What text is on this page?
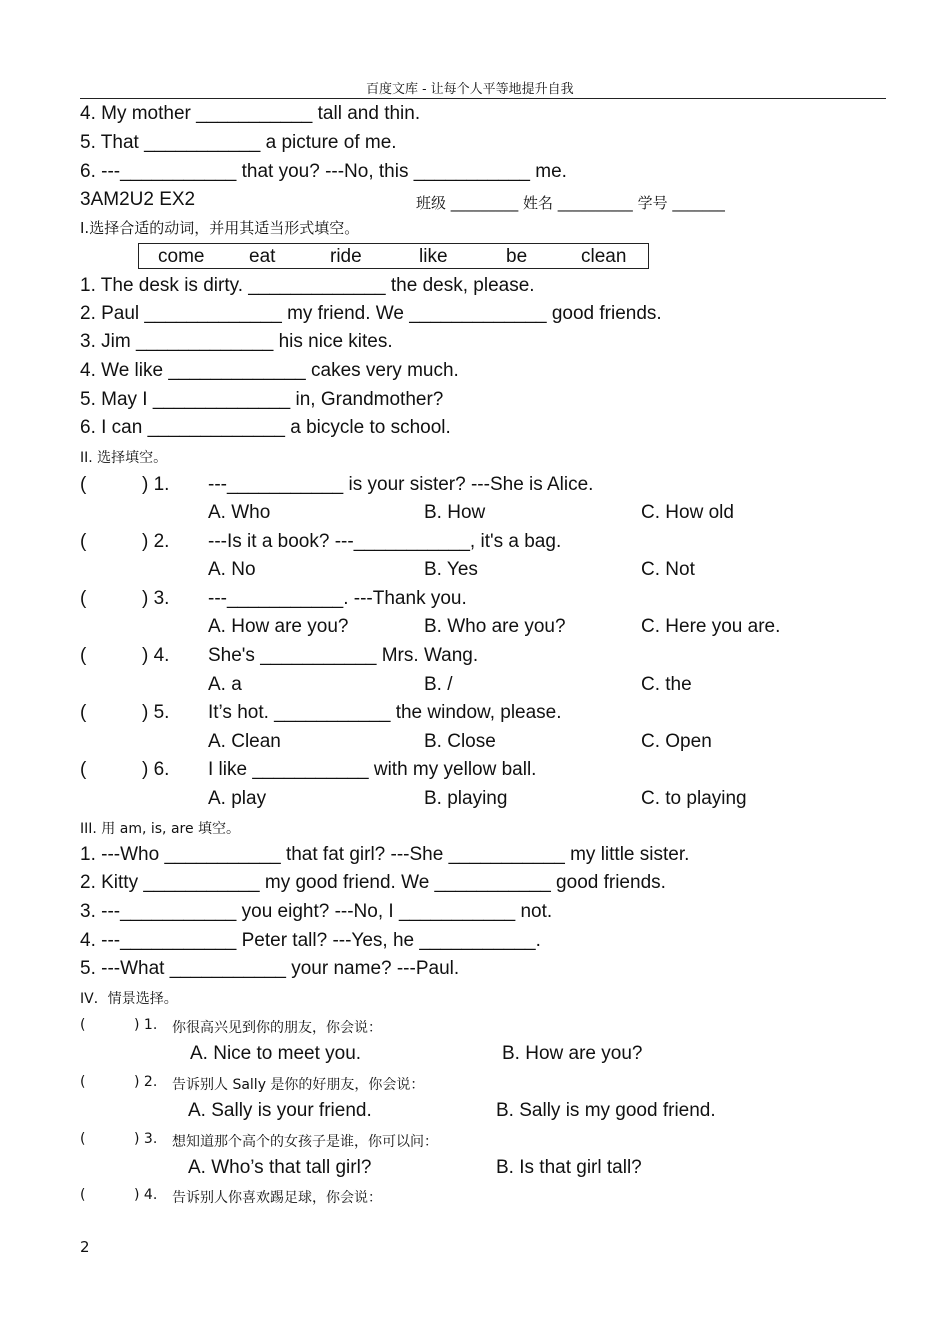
百度文库 - 让每个人平等地提升自我
4. My mother ___________ tall and thin.
5. That ___________ a picture of me.
6. ---___________ that you? ---No, this ___________ me.
3AM2U2 EX2	班级 _________ 姓名 __________ 学号 _______
Ⅰ.选择合适的动词，并用其适当形式填空。
come eat	ride	like	be	clean
1. The desk is dirty. _____________ the desk, please.
2. Paul _____________ my friend. We _____________ good friends.
3. Jim _____________ his nice kites.
4. We like _____________ cakes very much.
5. May I _____________ in, Grandmother?
6. I can _____________ a bicycle to school.
II. 选择填空。
(	) 1. ---___________ is your sister? ---She is Alice.
A. Who	B. How	C. How old
(	) 2. ---Is it a book? ---___________, it's a bag.
A. No	B. Yes	C. Not
(	) 3. ---___________. ---Thank you.
A. How are you?	B. Who are you?	C. Here you are.
(	) 4. She's ___________ Mrs. Wang.
A. a	B. /	C. the
(	) 5. It’s hot. ___________ the window, please.
A. Clean	B. Close	C. Open
(	) 6. I like ___________ with my yellow ball.
A. play	B. playing	C. to playing
III. 用 am, is, are 填空。
1. ---Who ___________ that fat girl? ---She ___________ my little sister.
2. Kitty ___________ my good friend. We ___________ good friends.
3. ---___________ you eight? ---No, I ___________ not.
4. ---___________ Peter tall? ---Yes, he ___________.
5. ---What ___________ your name? ---Paul.
IV．情景选择。
(	) 1. 你很高兴见到你的朋友，你会说：
A. Nice to meet you.	B. How are you?
(	) 2. 告诉别人 Sally 是你的好朋友，你会说：
A. Sally is your friend.	B. Sally is my good friend.
(	) 3. 想知道那个高个的女孩子是谁，你可以问：
A. Who’s that tall girl?	B. Is that girl tall?
(	) 4. 告诉别人你喜欢踢足球，你会说：
2
